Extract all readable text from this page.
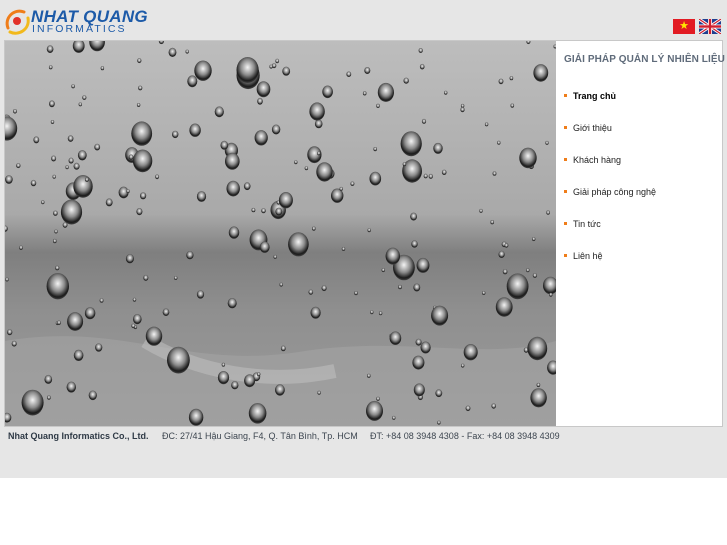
NHAT QUANG
INFORMATICS	★
GIẢI PHÁP QUẢN LÝ NHIÊN LIỆU
Trang chủ
Giới thiệu
Khách hàng
Giải pháp công nghệ
Tin tức
Liên hệ
Nhat Quang Informatics Co., Ltd. ĐC: 27/41 Hậu Giang, F4, Q. Tân Bình, Tp. HCM ĐT: +84 08 3948 4308 - Fax: +84 08 3948 4309
